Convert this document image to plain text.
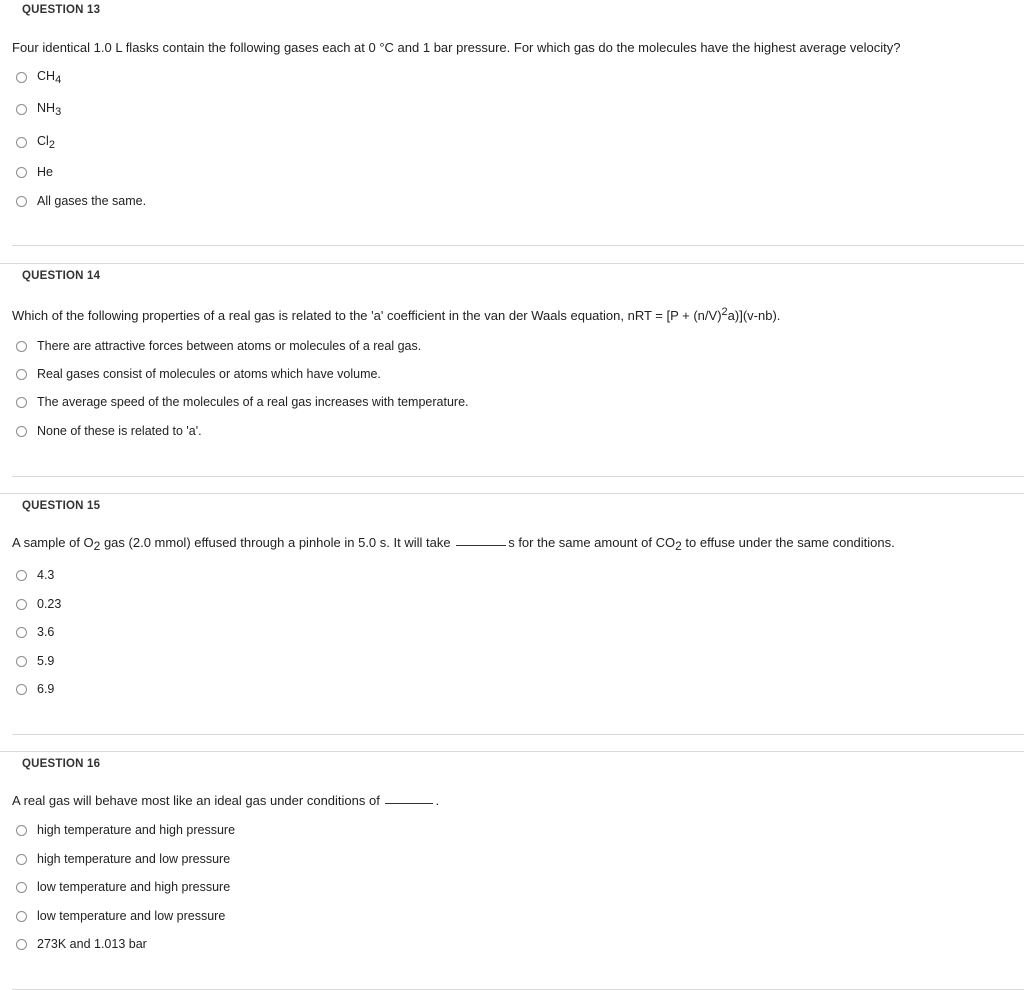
QUESTION 13
Four identical 1.0 L flasks contain the following gases each at 0 °C and 1 bar pressure. For which gas do the molecules have the highest average velocity?
$CH_4$
$NH_3$
$Cl_2$
He
All gases the same.
QUESTION 14
Which of the following properties of a real gas is related to the 'a' coefficient in the van der Waals equation, nRT = $[P + (n/V)^2a)](v-nb)$.
There are attractive forces between atoms or molecules of a real gas.
Real gases consist of molecules or atoms which have volume.
The average speed of the molecules of a real gas increases with temperature.
None of these is related to 'a'.
QUESTION 15
A sample of $O_2$ gas (2.0 mmol) effused through a pinhole in 5.0 s. It will take	s for the same amount of $CO_2$ to effuse under the same conditions.
4.3
0.23
3.6
5.9
6.9
QUESTION 16
A real gas will behave most like an ideal gas under conditions of	.
high temperature and high pressure
high temperature and low pressure
low temperature and high pressure
low temperature and low pressure
273K and 1.013 bar
